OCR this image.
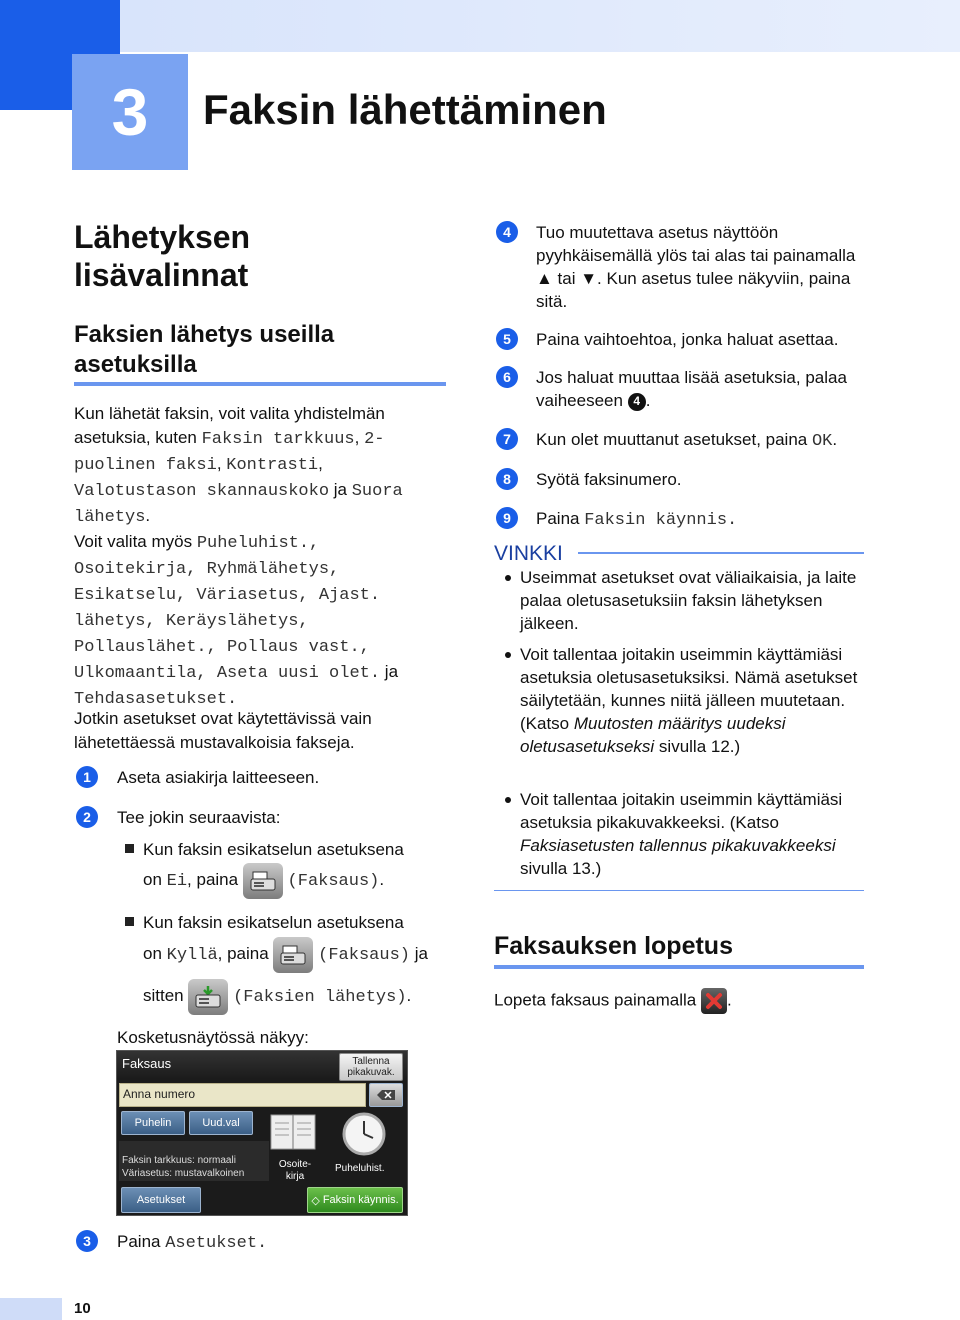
3	Faksin lähettäminen
Lähetyksen lisävalinnat
Faksien lähetys useilla asetuksilla
Kun lähetät faksin, voit valita yhdistelmän asetuksia, kuten Faksin tarkkuus, 2-puolinen faksi, Kontrasti, Valotustason skannauskoko ja Suora lähetys.
Voit valita myös Puheluhist., Osoitekirja, Ryhmälähetys, Esikatselu, Väriasetus, Ajast. lähetys, Keräyslähetys, Pollauslähet., Pollaus vast., Ulkomaantila, Aseta uusi olet. ja Tehdasasetukset.
Jotkin asetukset ovat käytettävissä vain lähetettäessä mustavalkoisia fakseja.
1	Aseta asiakirja laitteeseen.
2	Tee jokin seuraavista:
Kun faksin esikatselun asetuksena
on Ei, paina	(Faksaus).
Kun faksin esikatselun asetuksena
on Kyllä, paina	(Faksaus) ja
sitten	(Faksien lähetys).
Kosketusnäytössä näkyy:
Faksaus	Tallenna pikakuvak.
Anna numero
Puhelin	Uud.val
Faksin tarkkuus: normaali
Väriasetus: mustavalkoinen
Osoite-kirja
Puheluhist.
Asetukset	◇ Faksin käynnis.
3	Paina Asetukset.
4	Tuo muutettava asetus näyttöön pyyhkäisemällä ylös tai alas tai painamalla ▲ tai ▼. Kun asetus tulee näkyviin, paina sitä.
5	Paina vaihtoehtoa, jonka haluat asettaa.
6	Jos haluat muuttaa lisää asetuksia, palaa vaiheeseen 4 .
7	Kun olet muuttanut asetukset, paina OK.
8	Syötä faksinumero.
9	Paina Faksin käynnis.
VINKKI
Useimmat asetukset ovat väliaikaisia, ja laite palaa oletusasetuksiin faksin lähetyksen jälkeen.
Voit tallentaa joitakin useimmin käyttämiäsi asetuksia oletusasetuksiksi. Nämä asetukset säilytetään, kunnes niitä jälleen muutetaan. (Katso Muutosten määritys uudeksi oletusasetukseksi sivulla 12.)
Voit tallentaa joitakin useimmin käyttämiäsi asetuksia pikakuvakkeeksi. (Katso Faksiasetusten tallennus pikakuvakkeeksi sivulla 13.)
Faksauksen lopetus
Lopeta faksaus painamalla .
10
